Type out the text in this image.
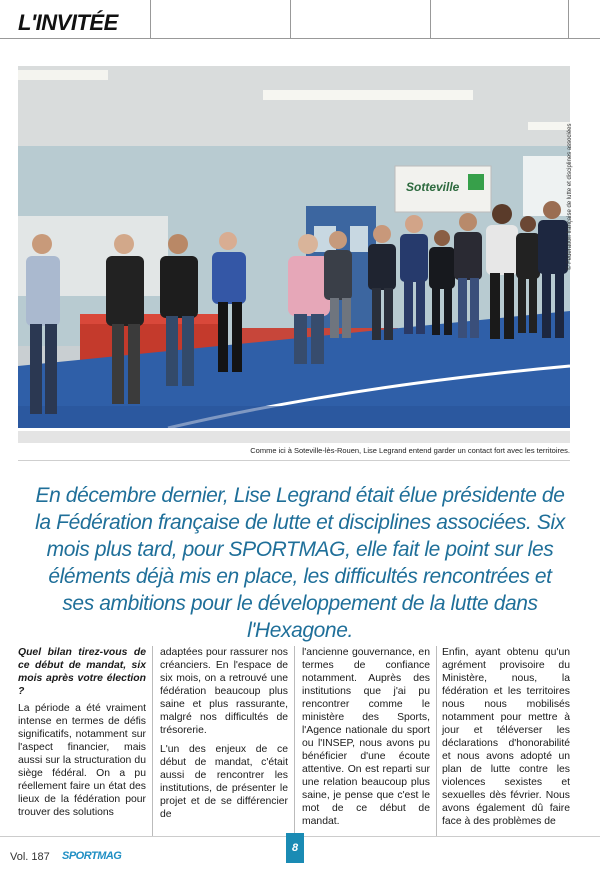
L'INVITÉE
Sotteville	© Fédération française de lutte et disciplines associées
Comme ici à Soteville-lès-Rouen, Lise Legrand entend garder un contact fort avec les territoires.
En décembre dernier, Lise Legrand était élue présidente de la Fédération française de lutte et disciplines associées. Six mois plus tard, pour SPORTMAG, elle fait le point sur les éléments déjà mis en place, les difficultés rencontrées et ses ambitions pour le développement de la lutte dans l'Hexagone.

Quel bilan tirez-vous de ce début de mandat, six mois après votre élection ?

La période a été vraiment intense en termes de défis significatifs, notamment sur l'aspect financier, mais aussi sur la structuration du siège fédéral. On a pu réellement faire un état des lieux de la fédération pour trouver des solutions

adaptées pour rassurer nos créanciers. En l'espace de six mois, on a retrouvé une fédération beaucoup plus saine et plus rassurante, malgré nos difficultés de trésorerie.

L'un des enjeux de ce début de mandat, c'était aussi de rencontrer les institutions, de présenter le projet et de se différencier de

l'ancienne gouvernance, en termes de confiance notamment. Auprès des institutions que j'ai pu rencontrer comme le ministère des Sports, l'Agence nationale du sport ou l'INSEP, nous avons pu bénéficier d'une écoute attentive. On est reparti sur une relation beaucoup plus saine, je pense que c'est le mot de ce début de mandat.

Enfin, ayant obtenu qu'un agrément provisoire du Ministère, nous, la fédération et les territoires nous nous mobilisés notamment pour mettre à jour et téléverser les déclarations d'honorabilité et nous avons adopté un plan de lutte contre les violences sexistes et sexuelles dès février. Nous avons également dû faire face à des problèmes de

Vol. 187 SPORTMAG
8
